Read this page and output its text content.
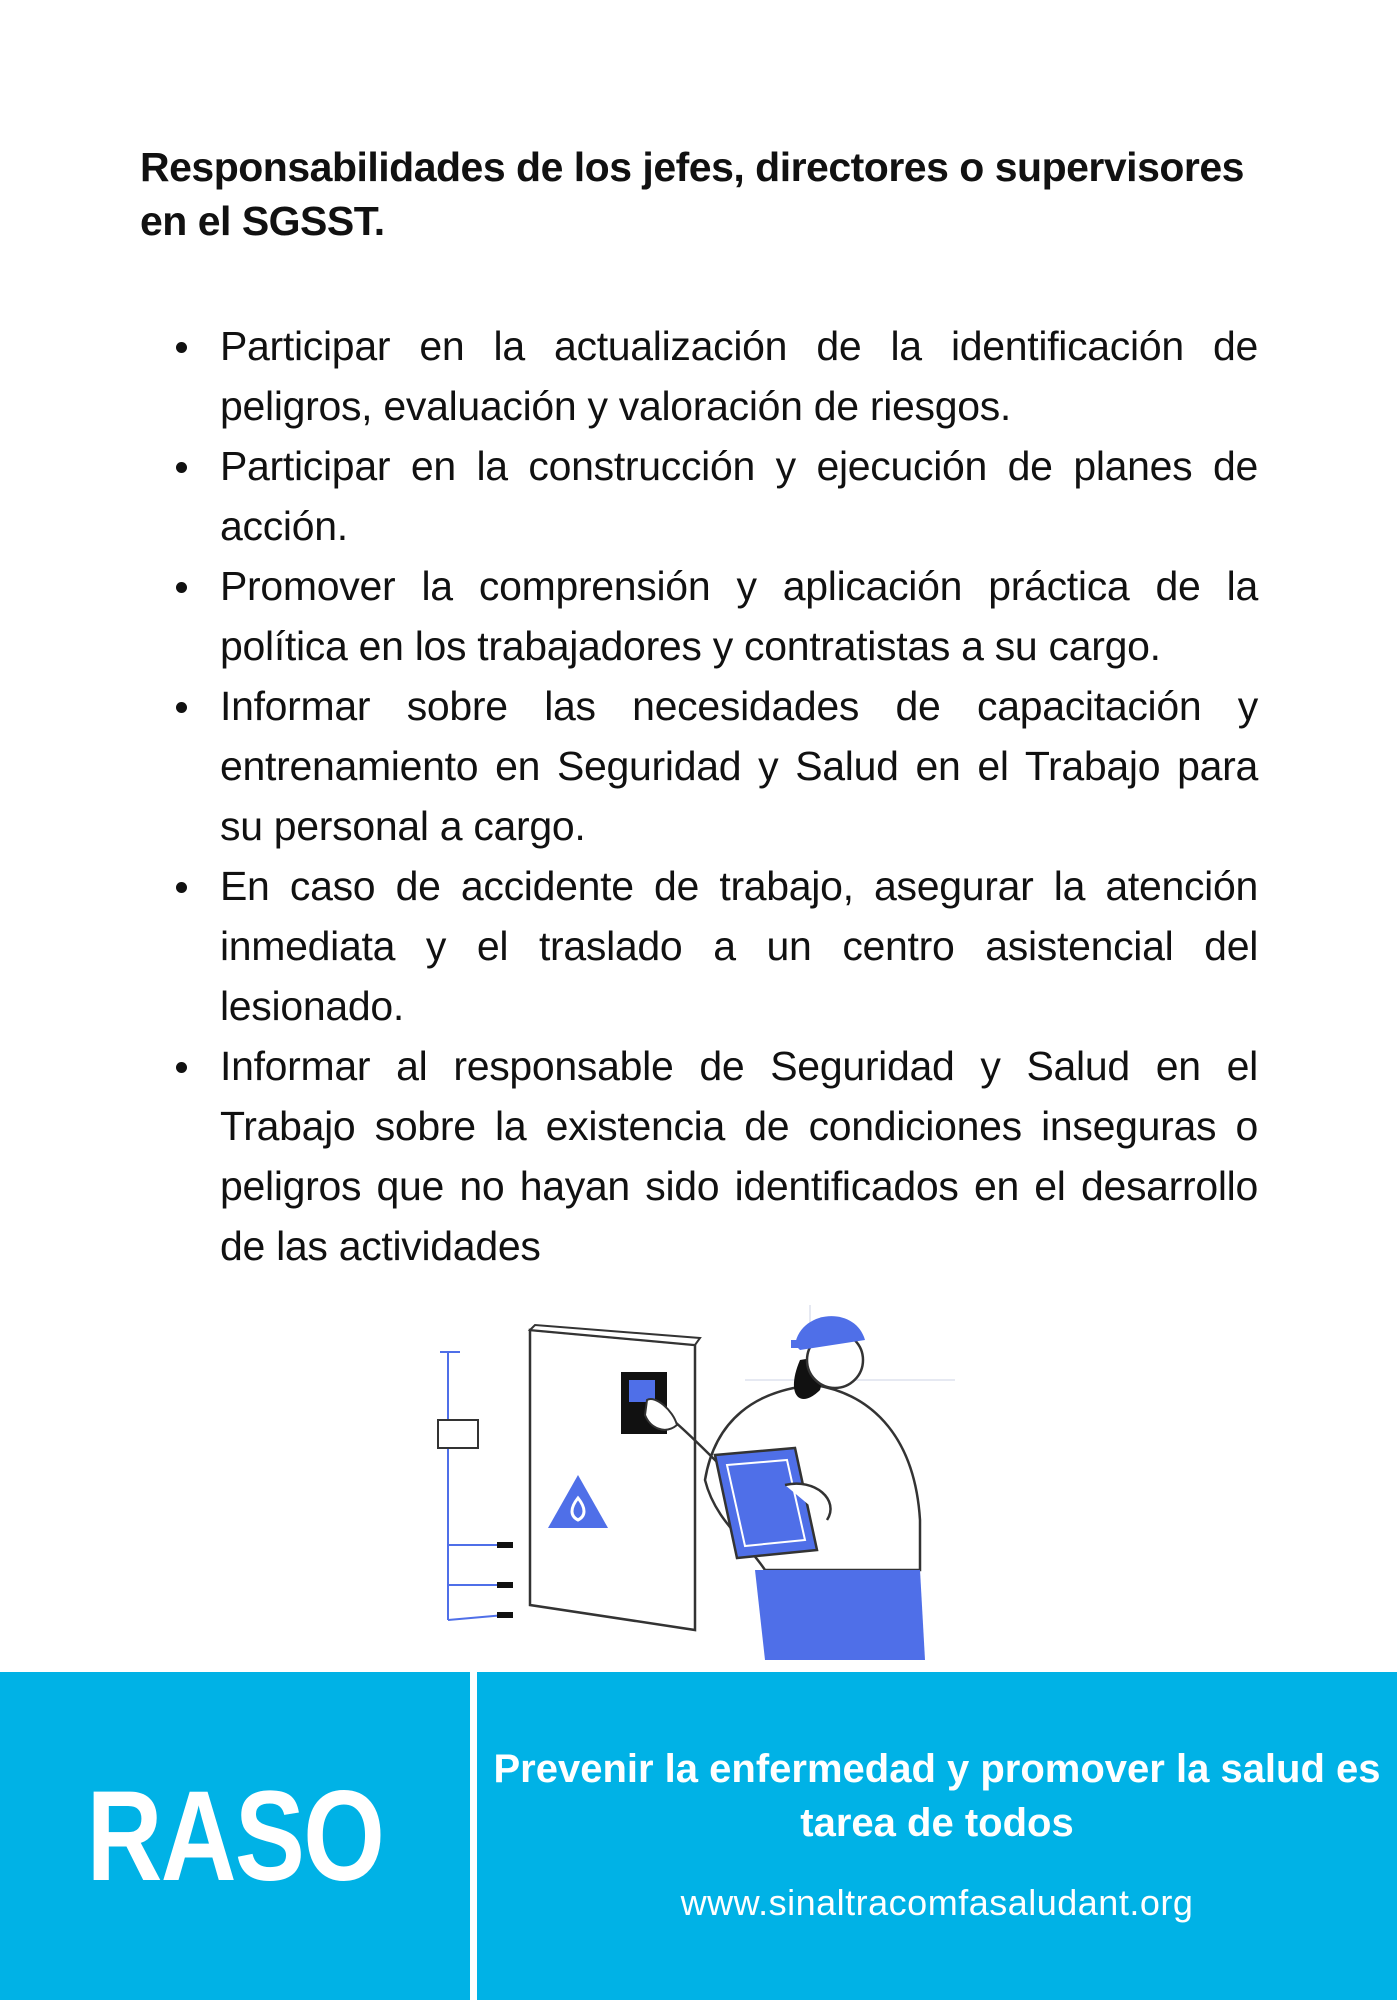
Responsabilidades de los jefes, directores o supervisores en el SGSST.
Participar en la actualización de la identificación de peligros, evaluación y valoración de riesgos.
Participar en la construcción y ejecución de planes de acción.
Promover la comprensión y aplicación práctica de la política en los trabajadores y contratistas a su cargo.
Informar sobre las necesidades de capacitación y entrenamiento en Seguridad y Salud en el Trabajo para su personal a cargo.
En caso de accidente de trabajo, asegurar la atención inmediata y el traslado a un centro asistencial del lesionado.
Informar al responsable de Seguridad y Salud en el Trabajo sobre la existencia de condiciones inseguras o peligros que no hayan sido identificados en el desarrollo de las actividades
RASO	Prevenir la enfermedad y promover la salud es tarea de todos
www.sinaltracomfasaludant.org
